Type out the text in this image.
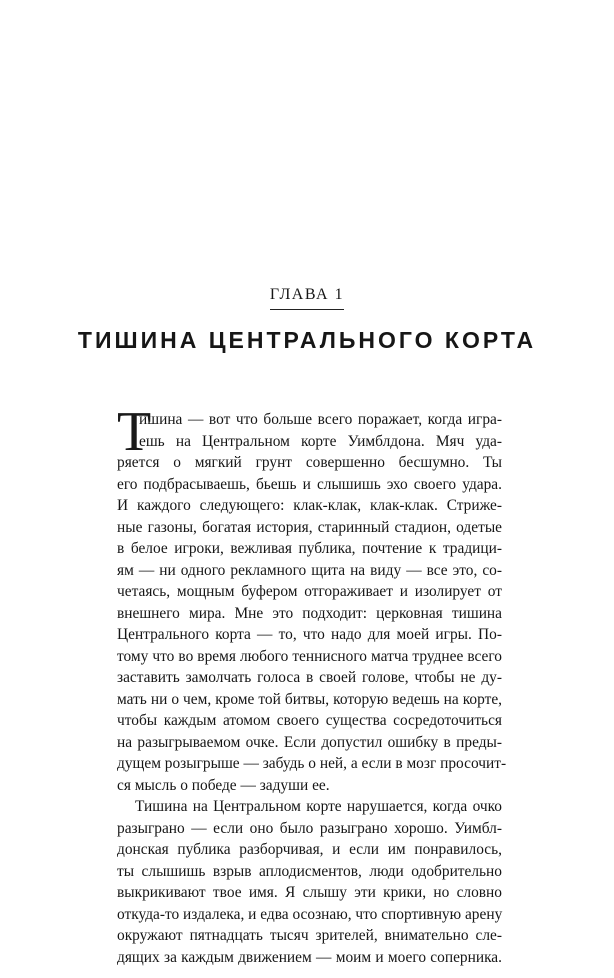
ГЛАВА 1
ТИШИНА ЦЕНТРАЛЬНОГО КОРТА
Т
ишина — вот что больше всего поражает, когда игра-
ешь на Центральном корте Уимблдона. Мяч уда-
ряется о мягкий грунт совершенно бесшумно. Ты
его подбрасываешь, бьешь и слышишь эхо своего удара.
И каждого следующего: клак-клак, клак-клак. Стриже-
ные газоны, богатая история, старинный стадион, одетые
в белое игроки, вежливая публика, почтение к традици-
ям — ни одного рекламного щита на виду — все это, со-
четаясь, мощным буфером отгораживает и изолирует от
внешнего мира. Мне это подходит: церковная тишина
Центрального корта — то, что надо для моей игры. По-
тому что во время любого теннисного матча труднее всего
заставить замолчать голоса в своей голове, чтобы не ду-
мать ни о чем, кроме той битвы, которую ведешь на корте,
чтобы каждым атомом своего существа сосредоточиться
на разыгрываемом очке. Если допустил ошибку в преды-
дущем розыгрыше — забудь о ней, а если в мозг просочит-
ся мысль о победе — задуши ее.
Тишина на Центральном корте нарушается, когда очко
разыграно — если оно было разыграно хорошо. Уимбл-
донская публика разборчивая, и если им понравилось,
ты слышишь взрыв аплодисментов, люди одобрительно
выкрикивают твое имя. Я слышу эти крики, но словно
откуда-то издалека, и едва осознаю, что спортивную арену
окружают пятнадцать тысяч зрителей, внимательно сле-
дящих за каждым движением — моим и моего соперника.
